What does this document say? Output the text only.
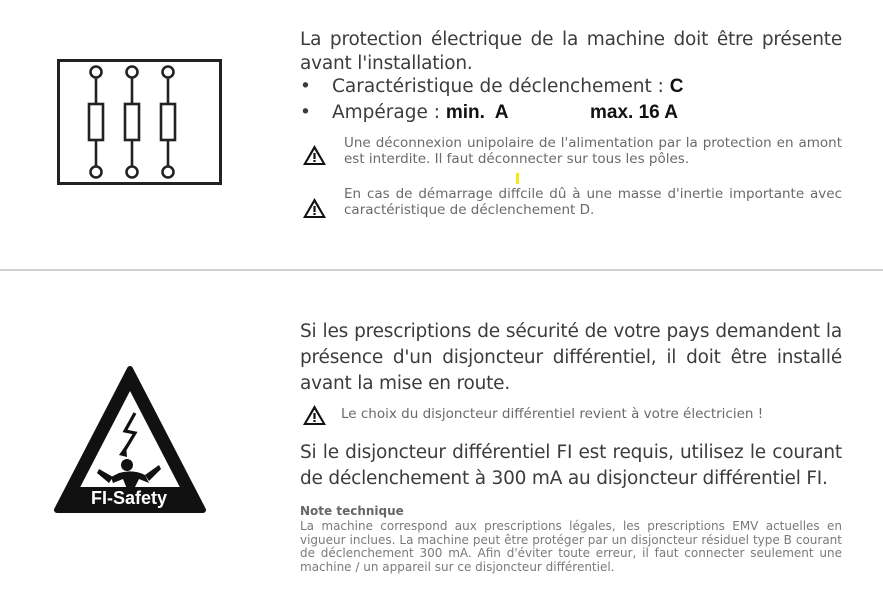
La protection électrique de la machine doit être présente avant l'installation.
• Caractéristique de déclenchement : C
• Ampérage : min.  A	max. 16 A
Une déconnexion unipolaire de l'alimentation par la protection en amont est interdite. Il faut déconnecter sur tous les pôles.
En cas de démarrage diffcile dû à une masse d'inertie importante avec caractéristique de déclenchement D.
FI-Safety
Si les prescriptions de sécurité de votre pays demandent la présence d'un disjoncteur différentiel, il doit être installé avant la mise en route.
Le choix du disjoncteur différentiel revient à votre électricien !
Si le disjoncteur différentiel FI est requis, utilisez le courant de déclenchement à 300 mA au disjoncteur différentiel FI.
Note technique
La machine correspond aux prescriptions légales, les prescriptions EMV actuelles en vigueur inclues. La machine peut être protéger par un disjoncteur résiduel type B courant de déclenchement 300 mA. Afin d'éviter toute erreur, il faut connecter seulement une machine / un appareil sur ce disjoncteur différentiel.
